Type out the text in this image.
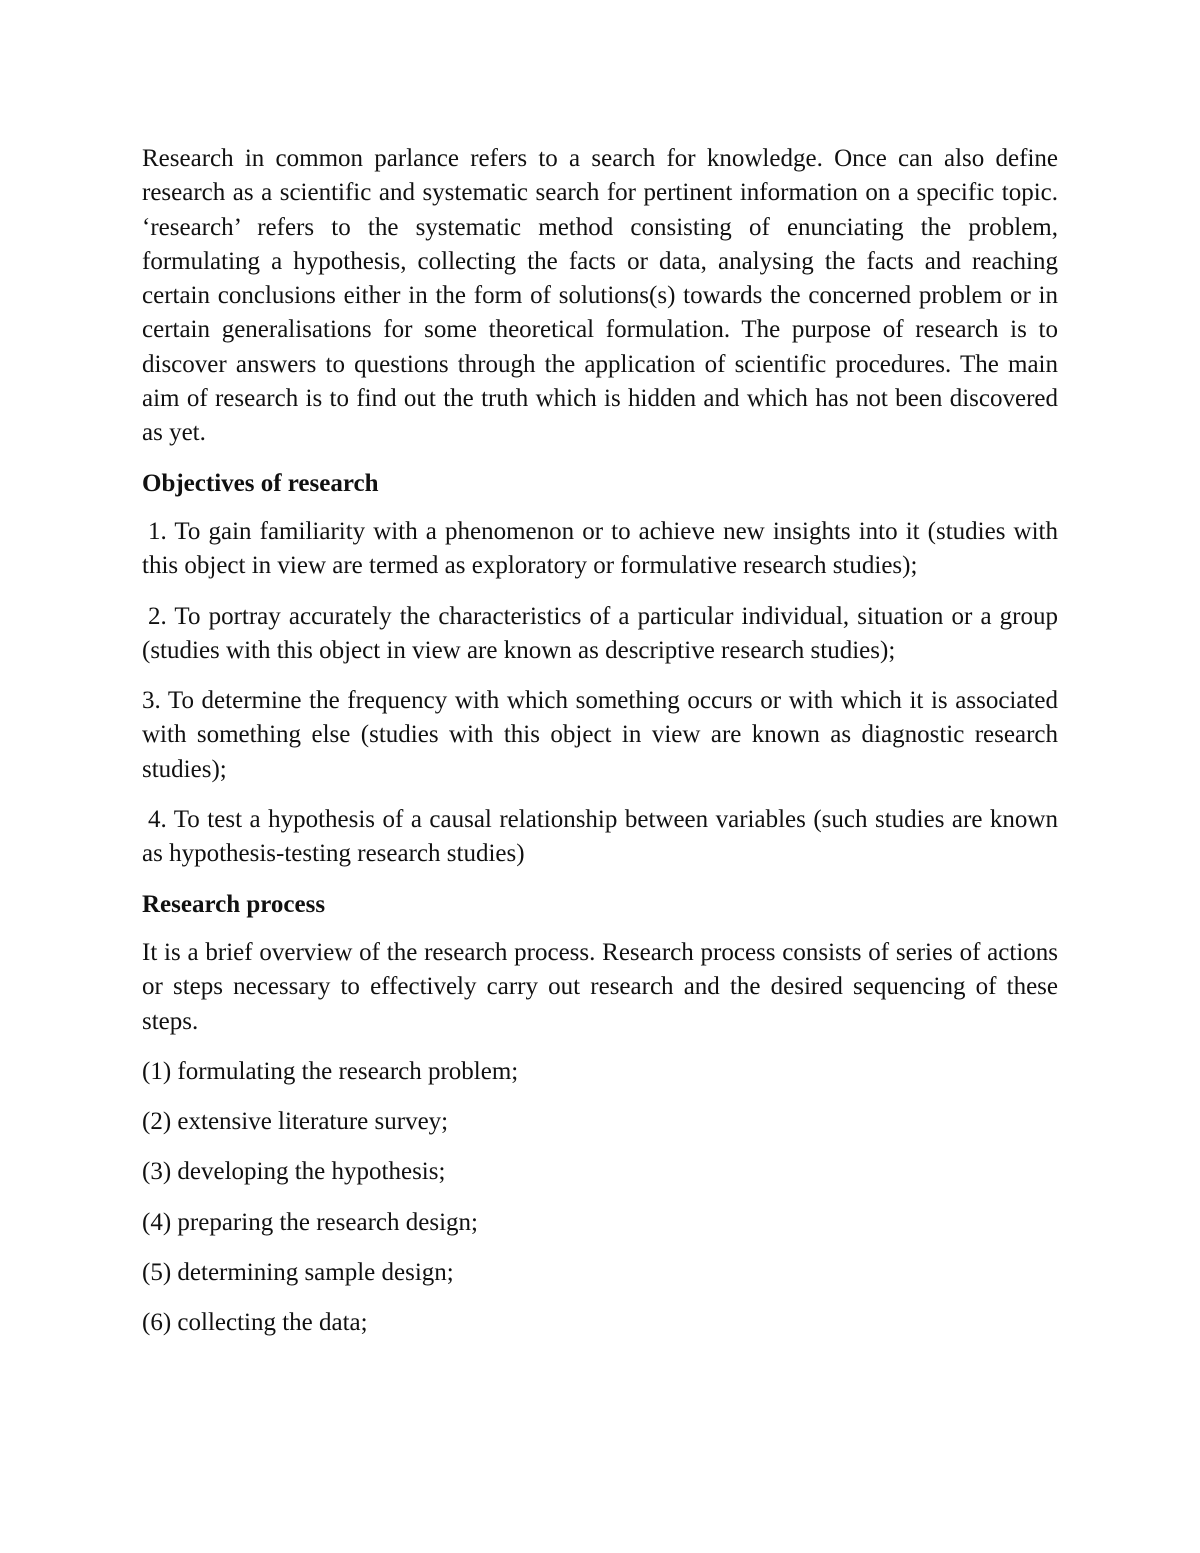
Research in common parlance refers to a search for knowledge. Once can also define research as a scientific and systematic search for pertinent information on a specific topic. ‘research’ refers to the systematic method consisting of enunciating the problem, formulating a hypothesis, collecting the facts or data, analysing the facts and reaching certain conclusions either in the form of solutions(s) towards the concerned problem or in certain generalisations for some theoretical formulation. The purpose of research is to discover answers to questions through the application of scientific procedures. The main aim of research is to find out the truth which is hidden and which has not been discovered as yet.

Objectives of research

1. To gain familiarity with a phenomenon or to achieve new insights into it (studies with this object in view are termed as exploratory or formulative research studies);

2. To portray accurately the characteristics of a particular individual, situation or a group (studies with this object in view are known as descriptive research studies);

3. To determine the frequency with which something occurs or with which it is associated with something else (studies with this object in view are known as diagnostic research studies);

4. To test a hypothesis of a causal relationship between variables (such studies are known as hypothesis-testing research studies)

Research process

It is a brief overview of the research process. Research process consists of series of actions or steps necessary to effectively carry out research and the desired sequencing of these steps.

(1) formulating the research problem;

(2) extensive literature survey;

(3) developing the hypothesis;

(4) preparing the research design;

(5) determining sample design;

(6) collecting the data;
